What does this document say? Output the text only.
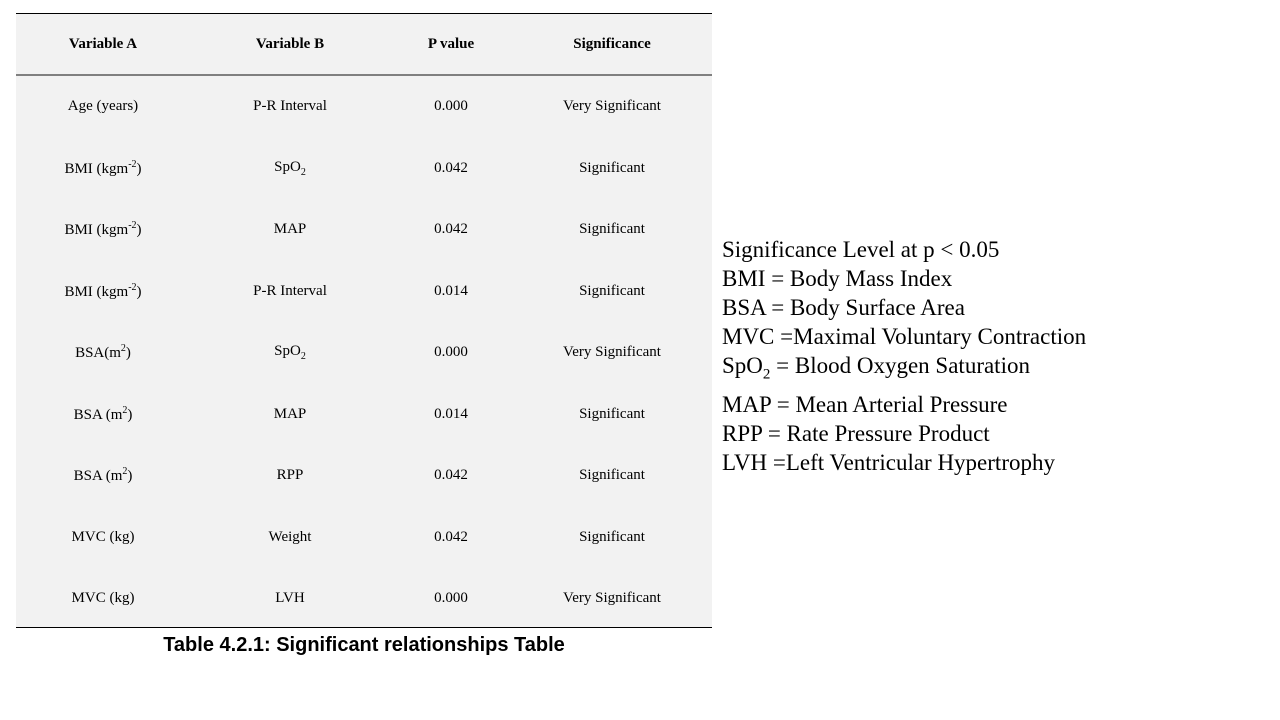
Variable A	Variable B	P value	Significance
Age (years)	P-R Interval	0.000	Very Significant
BMI (kgm$^{-2}$)	SpO$_2$	0.042	Significant
BMI (kgm$^{-2}$)	MAP	0.042	Significant
BMI (kgm$^{-2}$)	P-R Interval	0.014	Significant
$BSA(m^2)$	SpO$_2$	0.000	Very Significant
BSA $(m^2)$	MAP	0.014	Significant
BSA $(m^2)$	RPP	0.042	Significant
MVC (kg)	Weight	0.042	Significant
MVC (kg)	LVH	0.000	Very Significant
Table 4.2.1: Significant relationships Table
Significance Level at p < 0.05
BMI = Body Mass Index
BSA = Body Surface Area
MVC =Maximal Voluntary Contraction
SpO$_2$ = Blood Oxygen Saturation
MAP = Mean Arterial Pressure
RPP = Rate Pressure Product
LVH =Left Ventricular Hypertrophy
